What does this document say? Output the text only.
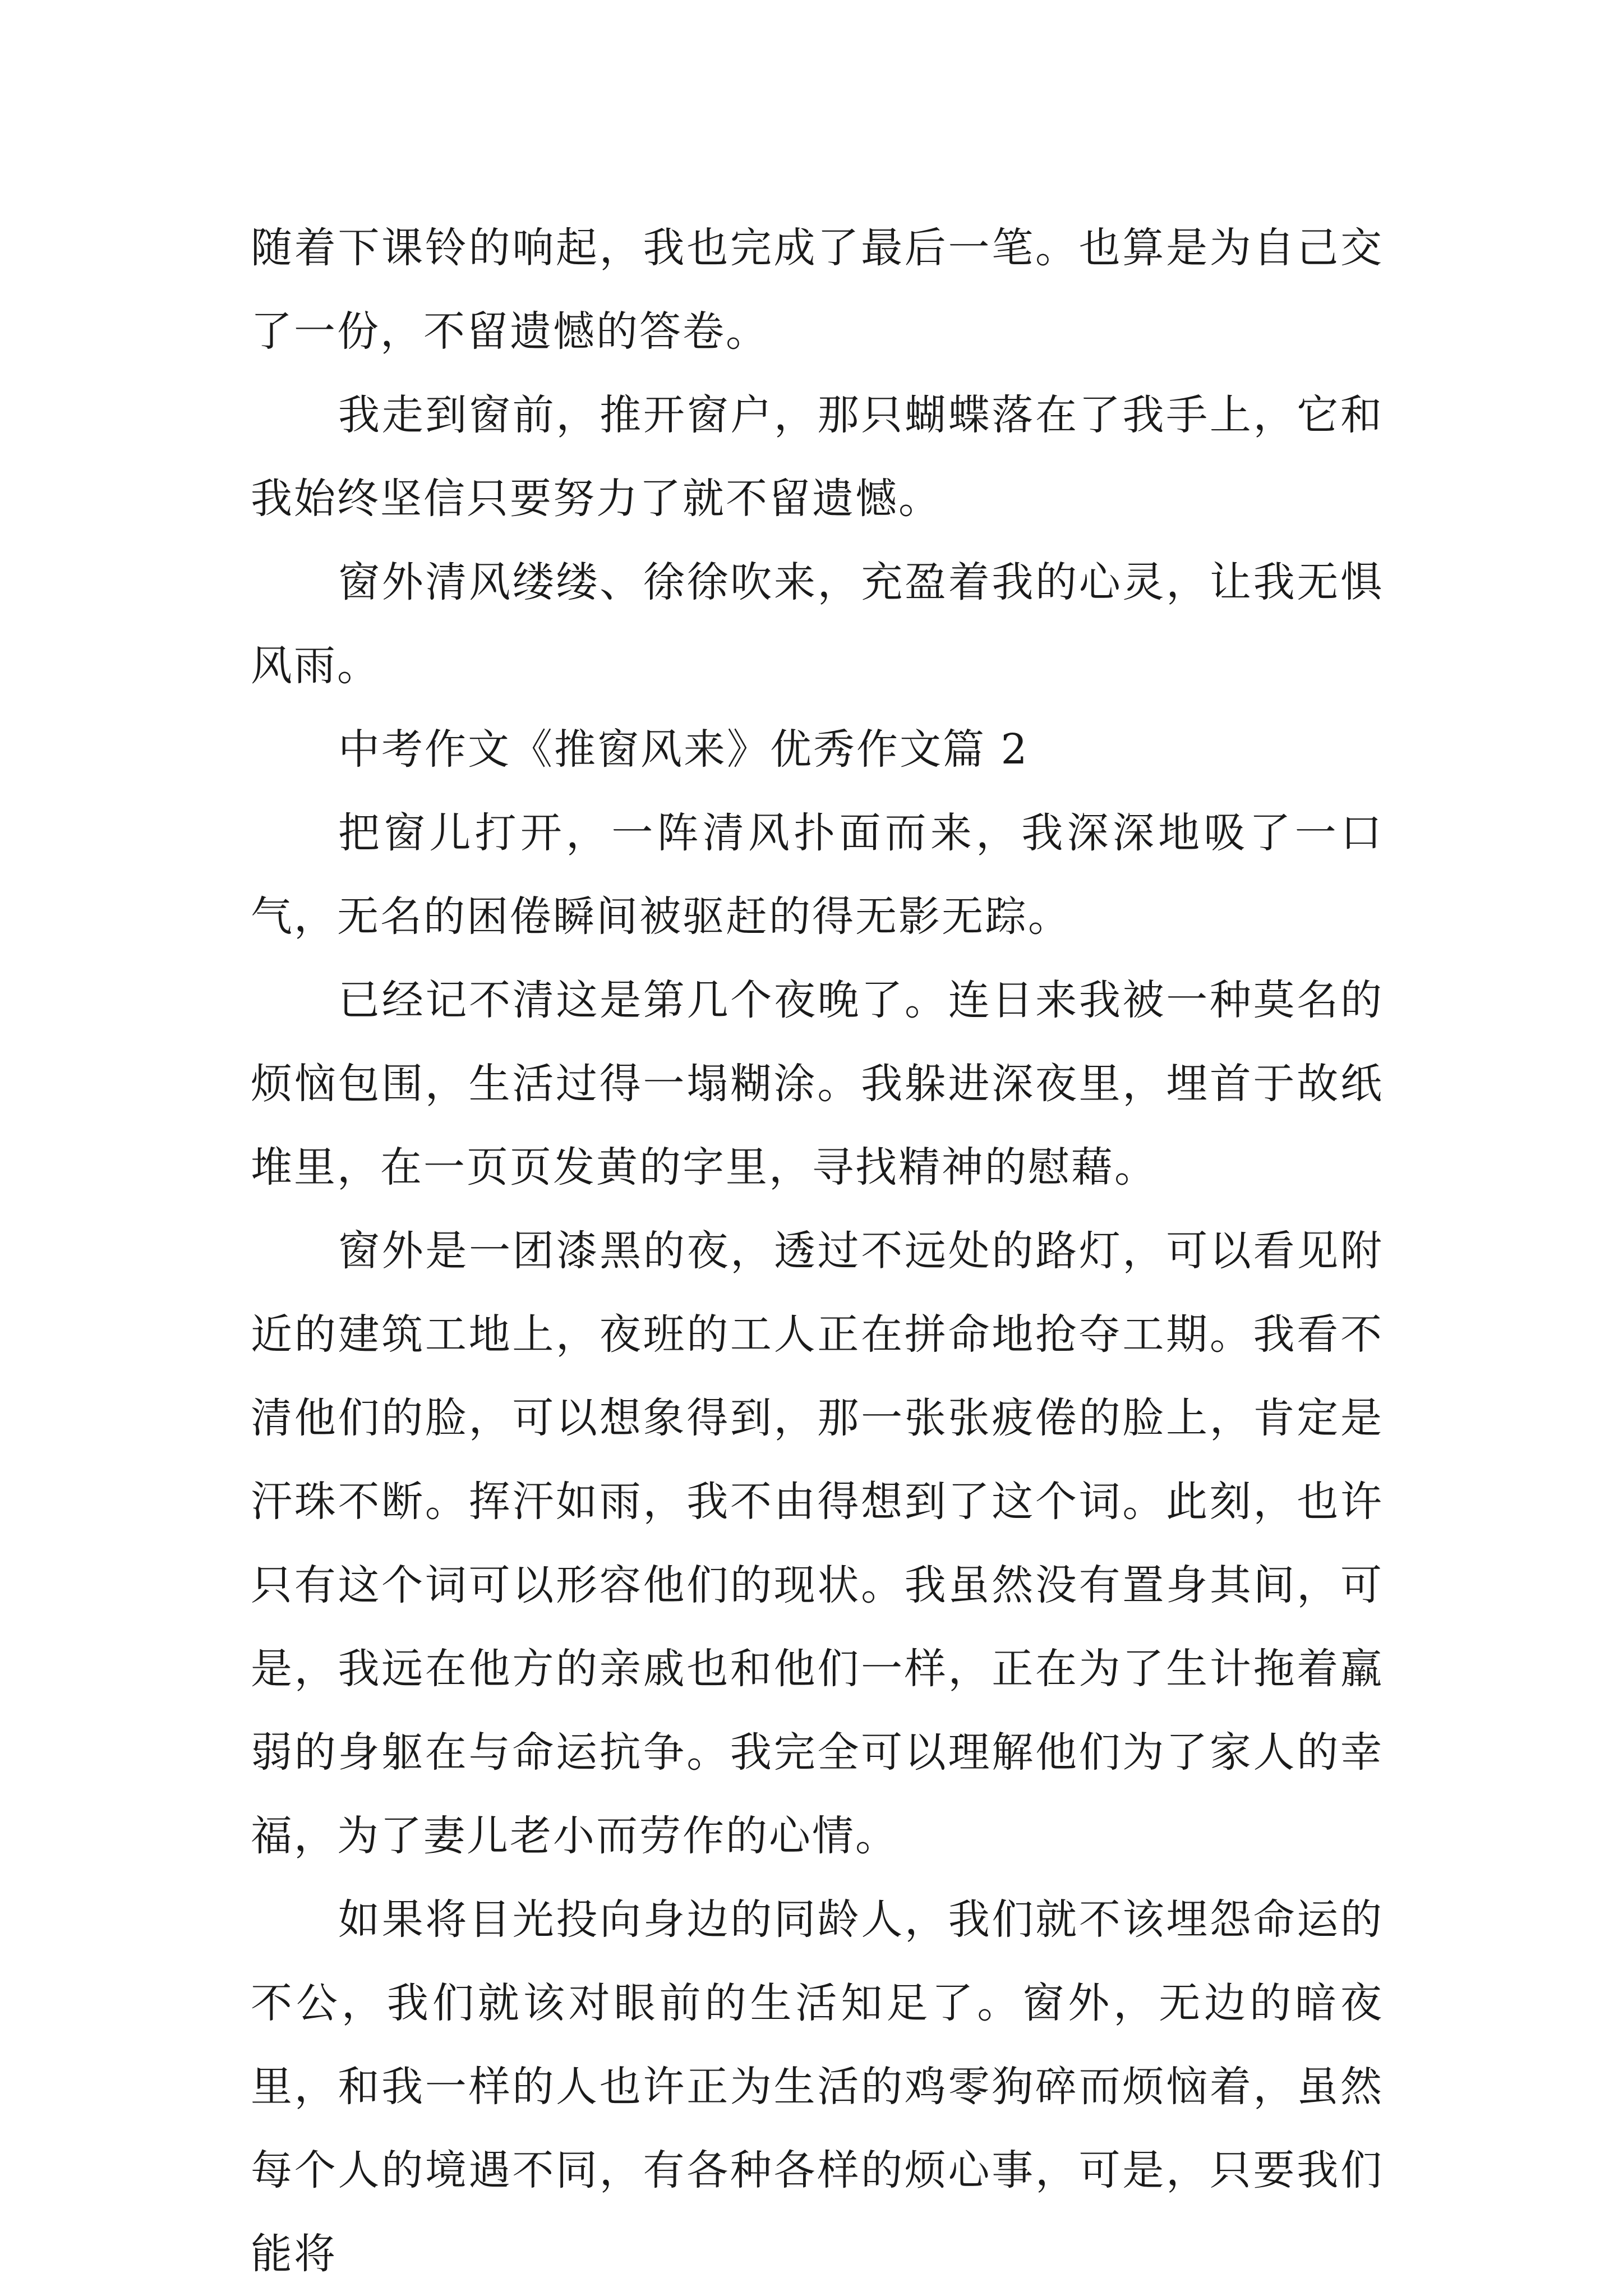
随着下课铃的响起，我也完成了最后一笔。也算是为自己交了一份，不留遗憾的答卷。

我走到窗前，推开窗户，那只蝴蝶落在了我手上，它和我始终坚信只要努力了就不留遗憾。

窗外清风缕缕、徐徐吹来，充盈着我的心灵，让我无惧风雨。

中考作文《推窗风来》优秀作文篇 2

把窗儿打开，一阵清风扑面而来，我深深地吸了一口气，无名的困倦瞬间被驱赶的得无影无踪。

已经记不清这是第几个夜晚了。连日来我被一种莫名的烦恼包围，生活过得一塌糊涂。我躲进深夜里，埋首于故纸堆里，在一页页发黄的字里，寻找精神的慰藉。

窗外是一团漆黑的夜，透过不远处的路灯，可以看见附近的建筑工地上，夜班的工人正在拼命地抢夺工期。我看不清他们的脸，可以想象得到，那一张张疲倦的脸上，肯定是汗珠不断。挥汗如雨，我不由得想到了这个词。此刻，也许只有这个词可以形容他们的现状。我虽然没有置身其间，可是，我远在他方的亲戚也和他们一样，正在为了生计拖着羸弱的身躯在与命运抗争。我完全可以理解他们为了家人的幸福，为了妻儿老小而劳作的心情。

如果将目光投向身边的同龄人，我们就不该埋怨命运的不公，我们就该对眼前的生活知足了。窗外，无边的暗夜里，和我一样的人也许正为生活的鸡零狗碎而烦恼着，虽然每个人的境遇不同，有各种各样的烦心事，可是，只要我们能将
